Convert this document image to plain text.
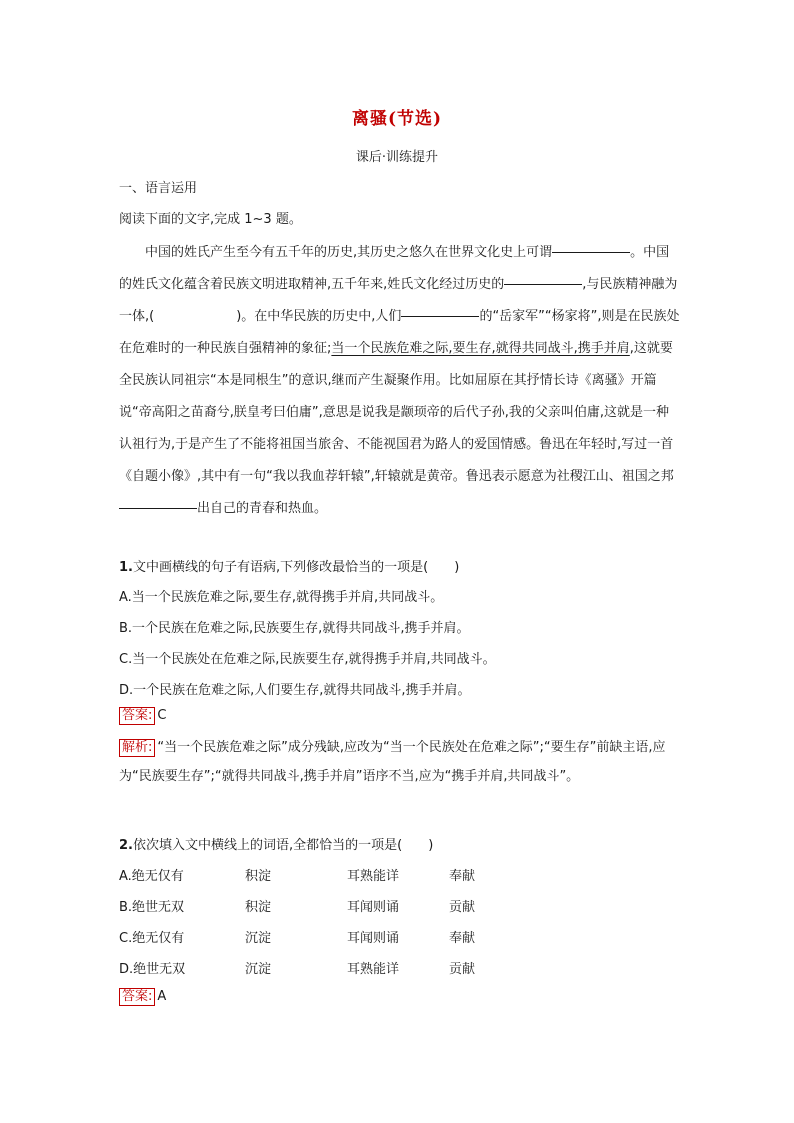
离骚(节选)
课后·训练提升
一、语言运用
阅读下面的文字,完成 1~3 题。

中国的姓氏产生至今有五千年的历史,其历史之悠久在世界文化史上可谓	。中国的姓氏文化蕴含着民族文明进取精神,五千年来,姓氏文化经过历史的	,与民族精神融为一体,(	)。在中华民族的历史中,人们	的“岳家军”“杨家将”,则是在民族处在危难时的一种民族自强精神的象征;当一个民族危难之际,要生存,就得共同战斗,携手并肩,这就要全民族认同祖宗“本是同根生”的意识,继而产生凝聚作用。比如屈原在其抒情长诗《离骚》开篇说“帝高阳之苗裔兮,朕皇考曰伯庸”,意思是说我是颛顼帝的后代子孙,我的父亲叫伯庸,这就是一种认祖行为,于是产生了不能将祖国当旅舍、不能视国君为路人的爱国情感。鲁迅在年轻时,写过一首《自题小像》,其中有一句“我以我血荐轩辕”,轩辕就是黄帝。鲁迅表示愿意为社稷江山、祖国之邦出自己的青春和热血。

1.文中画横线的句子有语病,下列修改最恰当的一项是(　　)
A.当一个民族危难之际,要生存,就得携手并肩,共同战斗。
B.一个民族在危难之际,民族要生存,就得共同战斗,携手并肩。
C.当一个民族处在危难之际,民族要生存,就得携手并肩,共同战斗。
D.一个民族在危难之际,人们要生存,就得共同战斗,携手并肩。
答案: C
解析: “当一个民族危难之际”成分残缺,应改为“当一个民族处在危难之际”;“要生存”前缺主语,应为“民族要生存”;“就得共同战斗,携手并肩”语序不当,应为“携手并肩,共同战斗”。
2.依次填入文中横线上的词语,全都恰当的一项是(　　)
A.绝无仅有	积淀	耳熟能详	奉献
B.绝世无双	积淀	耳闻则诵	贡献
C.绝无仅有	沉淀	耳闻则诵	奉献
D.绝世无双	沉淀	耳熟能详	贡献
答案: A
